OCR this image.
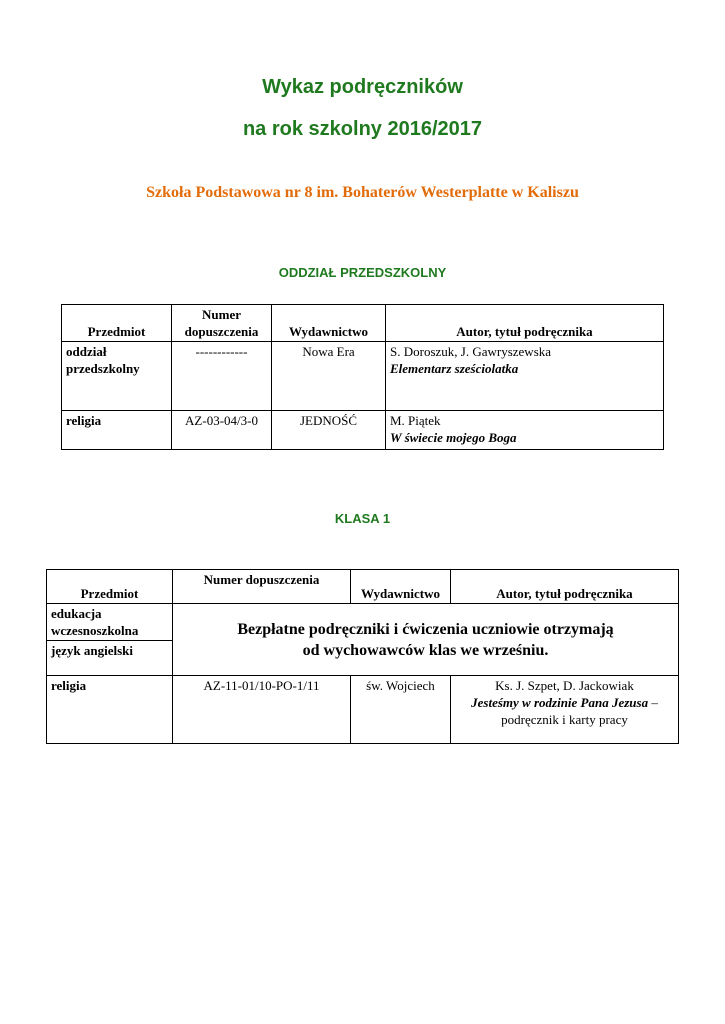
Wykaz podręczników
na rok szkolny 2016/2017
Szkoła Podstawowa nr 8 im. Bohaterów Westerplatte w Kaliszu
ODDZIAŁ PRZEDSZKOLNY
Przedmiot	Numer dopuszczenia	Wydawnictwo	Autor, tytuł podręcznika
oddział
przedszkolny	------------	Nowa Era	S. Doroszuk, J. Gawryszewska
Elementarz sześciolatka
religia	AZ-03-04/3-0	JEDNOŚĆ	M. Piątek
W świecie mojego Boga
KLASA 1
Przedmiot	Numer dopuszczenia	Wydawnictwo	Autor, tytuł podręcznika
edukacja wczesnoszkolna	Bezpłatne podręczniki i ćwiczenia uczniowie otrzymają
od wychowawców klas we wrześniu.		
język angielski			
religia	AZ-11-01/10-PO-1/11	św. Wojciech	Ks. J. Szpet, D. Jackowiak
Jesteśmy w rodzinie Pana Jezusa – podręcznik i karty pracy
